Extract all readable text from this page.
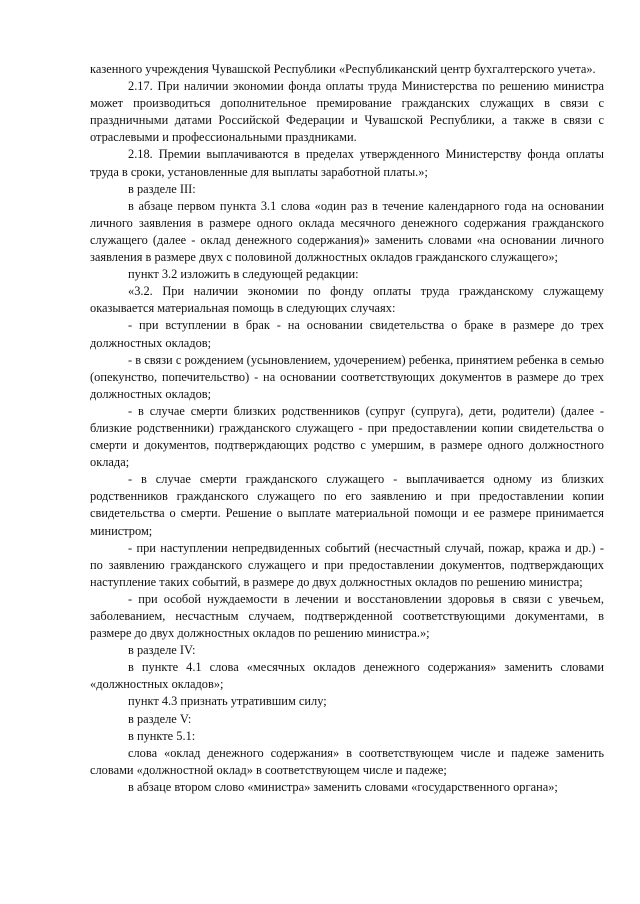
казенного учреждения Чувашской Республики «Республиканский центр бухгалтерского учета».

2.17. При наличии экономии фонда оплаты труда Министерства по решению министра может производиться дополнительное премирование гражданских служащих в связи с праздничными датами Российской Федерации и Чувашской Республики, а также в связи с отраслевыми и профессиональными праздниками.

2.18. Премии выплачиваются в пределах утвержденного Министерству фонда оплаты труда в сроки, установленные для выплаты заработной платы.»;

в разделе III:

в абзаце первом пункта 3.1 слова «один раз в течение календарного года на основании личного заявления в размере одного оклада месячного денежного содержания гражданского служащего (далее - оклад денежного содержания)» заменить словами «на основании личного заявления в размере двух с половиной должностных окладов гражданского служащего»;

пункт 3.2 изложить в следующей редакции:

«3.2. При наличии экономии по фонду оплаты труда гражданскому служащему оказывается материальная помощь в следующих случаях:

- при вступлении в брак - на основании свидетельства о браке в размере до трех должностных окладов;

- в связи с рождением (усыновлением, удочерением) ребенка, принятием ребенка в семью (опекунство, попечительство) - на основании соответствующих документов в размере до трех должностных окладов;

- в случае смерти близких родственников (супруг (супруга), дети, родители) (далее - близкие родственники) гражданского служащего - при предоставлении копии свидетельства о смерти и документов, подтверждающих родство с умершим, в размере одного должностного оклада;

- в случае смерти гражданского служащего - выплачивается одному из близких родственников гражданского служащего по его заявлению и при предоставлении копии свидетельства о смерти. Решение о выплате материальной помощи и ее размере принимается министром;

- при наступлении непредвиденных событий (несчастный случай, пожар, кража и др.) - по заявлению гражданского служащего и при предоставлении документов, подтверждающих наступление таких событий, в размере до двух должностных окладов по решению министра;

- при особой нуждаемости в лечении и восстановлении здоровья в связи с увечьем, заболеванием, несчастным случаем, подтвержденной соответствующими документами, в размере до двух должностных окладов по решению министра.»;

в разделе IV:

в пункте 4.1 слова «месячных окладов денежного содержания» заменить словами «должностных окладов»;

пункт 4.3 признать утратившим силу;

в разделе V:

в пункте 5.1:

слова «оклад денежного содержания» в соответствующем числе и падеже заменить словами «должностной оклад» в соответствующем числе и падеже;

в абзаце втором слово «министра» заменить словами «государственного органа»;
